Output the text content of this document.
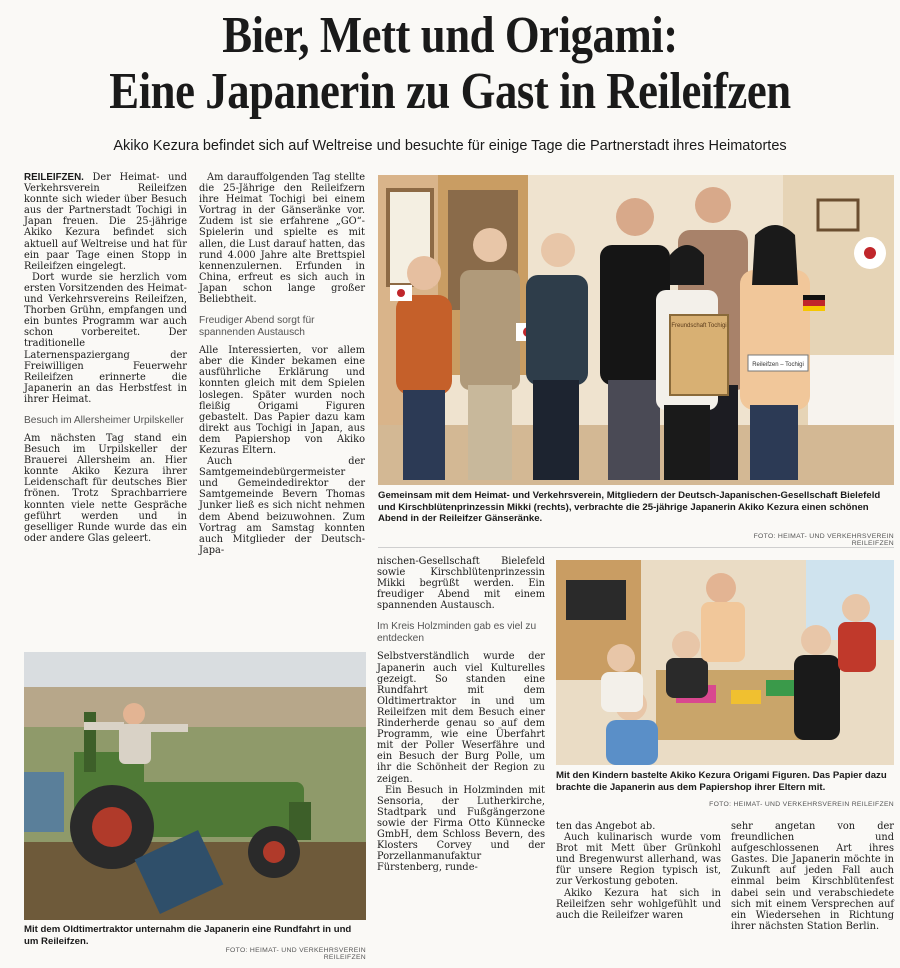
Bier, Mett und Origami:
Eine Japanerin zu Gast in Reileifzen

Akiko Kezura befindet sich auf Weltreise und besuchte für einige Tage die Partnerstadt ihres Heimatortes

REILEIFZEN. Der Heimat- und Verkehrsverein Reileifzen konnte sich wieder über Besuch aus der Partnerstadt Tochigi in Japan freuen. Die 25-jährige Akiko Kezura befindet sich aktuell auf Weltreise und hat für ein paar Tage einen Stopp in Reileifzen eingelegt.

Dort wurde sie herzlich vom ersten Vorsitzenden des Heimat- und Verkehrsvereins Reileifzen, Thorben Grühn, empfangen und ein buntes Programm war auch schon vorbereitet. Der traditionelle Laternenspaziergang der Freiwilligen Feuerwehr Reileifzen erinnerte die Japanerin an das Herbstfest in ihrer Heimat.

Besuch im Allersheimer Urpilskeller

Am nächsten Tag stand ein Besuch im Urpilskeller der Brauerei Allersheim an. Hier konnte Akiko Kezura ihrer Leidenschaft für deutsches Bier frönen. Trotz Sprachbarriere konnten viele nette Gespräche geführt werden und in geselliger Runde wurde das ein oder andere Glas geleert.

Am darauffolgenden Tag stellte die 25-Jährige den Reileifzern ihre Heimat Tochigi bei einem Vortrag in der Gänseränke vor. Zudem ist sie erfahrene „GO“-Spielerin und spielte es mit allen, die Lust darauf hatten, das rund 4.000 Jahre alte Brettspiel kennenzulernen. Erfunden in China, erfreut es sich auch in Japan schon lange großer Beliebtheit.

Freudiger Abend sorgt für spannenden Austausch

Alle Interessierten, vor allem aber die Kinder bekamen eine ausführliche Erklärung und konnten gleich mit dem Spielen loslegen. Später wurden noch fleißig Origami Figuren gebastelt. Das Papier dazu kam direkt aus Tochigi in Japan, aus dem Papiershop von Akiko Kezuras Eltern.

Auch der Samtgemeindebürgermeister und Gemeindedirektor der Samtgemeinde Bevern Thomas Junker ließ es sich nicht nehmen dem Abend beizuwohnen. Zum Vortrag am Samstag konnten auch Mitglieder der Deutsch-Japa-

Freundschaft Tochigi
Reileifzen – Tochigi
Gemeinsam mit dem Heimat- und Verkehrsverein, Mitgliedern der Deutsch-Japanischen-Gesellschaft Bielefeld und Kirschblütenprinzessin Mikki (rechts), verbrachte die 25-jährige Japanerin Akiko Kezura einen schönen Abend in der Reileifzer Gänseränke.
FOTO: HEIMAT- UND VERKEHRSVEREIN REILEIFZEN

nischen-Gesellschaft Bielefeld sowie Kirschblütenprinzessin Mikki begrüßt werden. Ein freudiger Abend mit einem spannenden Austausch.

Im Kreis Holzminden gab es viel zu entdecken

Selbstverständlich wurde der Japanerin auch viel Kulturelles gezeigt. So standen eine Rundfahrt mit dem Oldtimertraktor in und um Reileifzen mit dem Besuch einer Rinderherde genau so auf dem Programm, wie eine Überfahrt mit der Poller Weserfähre und ein Besuch der Burg Polle, um ihr die Schönheit der Region zu zeigen.

Ein Besuch in Holzminden mit Sensoria, der Lutherkirche, Stadtpark und Fußgängerzone sowie der Firma Otto Künnecke GmbH, dem Schloss Bevern, des Klosters Corvey und der Porzellanmanufaktur Fürstenberg, runde-

Mit den Kindern bastelte Akiko Kezura Origami Figuren. Das Papier dazu brachte die Japanerin aus dem Papiershop ihrer Eltern mit.
FOTO: HEIMAT- UND VERKEHRSVEREIN REILEIFZEN

ten das Angebot ab.

Auch kulinarisch wurde vom Brot mit Mett über Grünkohl und Bregenwurst allerhand, was für unsere Region typisch ist, zur Verkostung geboten.

Akiko Kezura hat sich in Reileifzen sehr wohlgefühlt und auch die Reileifzer waren

sehr angetan von der freundlichen und aufgeschlossenen Art ihres Gastes. Die Japanerin möchte in Zukunft auf jeden Fall auch einmal beim Kirschblütenfest dabei sein und verabschiedete sich mit einem Versprechen auf ein Wiedersehen in Richtung ihrer nächsten Station Berlin.

Mit dem Oldtimertraktor unternahm die Japanerin eine Rundfahrt in und um Reileifzen.
FOTO: HEIMAT- UND VERKEHRSVEREIN REILEIFZEN
